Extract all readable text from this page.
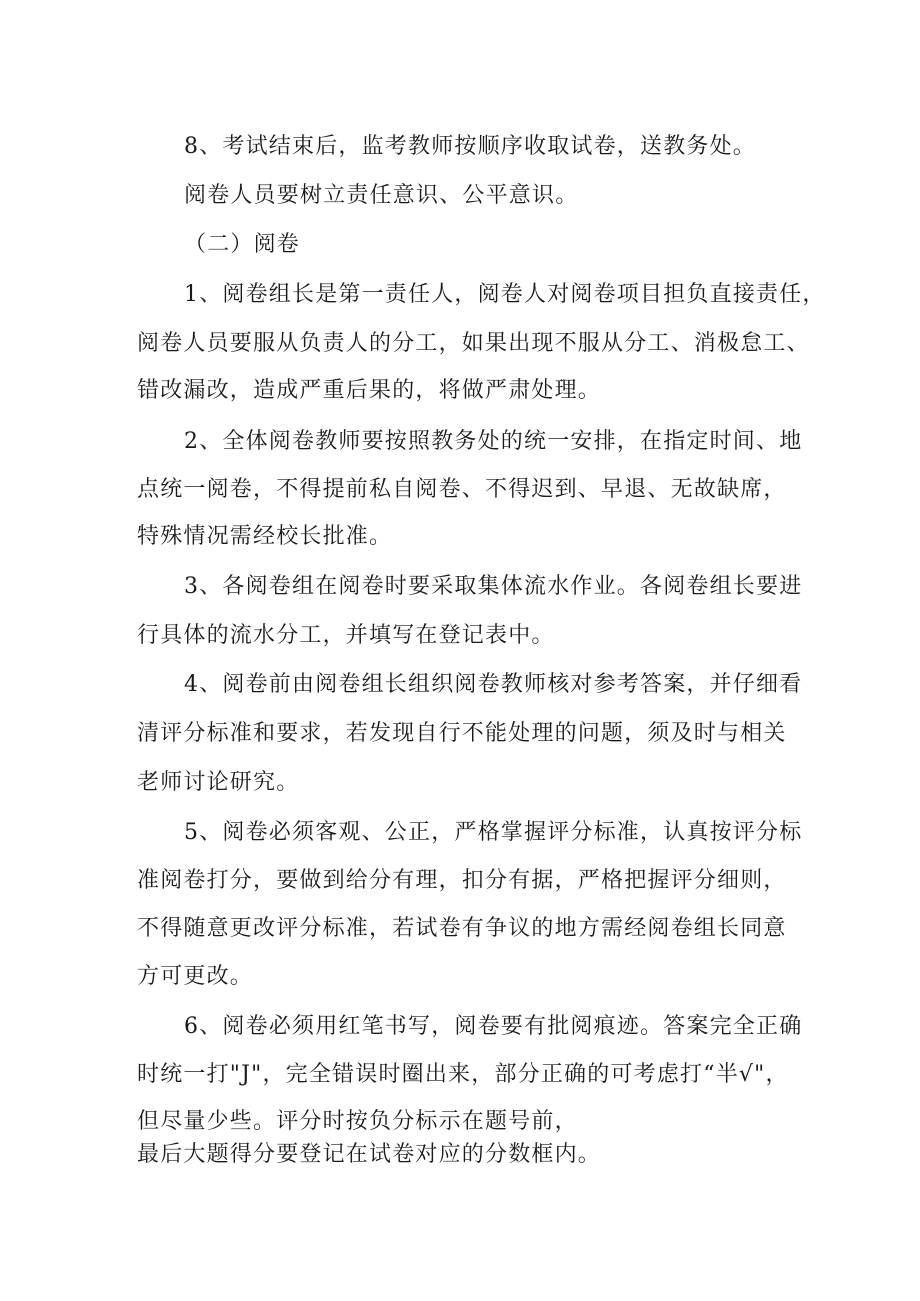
8、考试结束后，监考教师按顺序收取试卷，送教务处。
阅卷人员要树立责任意识、公平意识。
（二）阅卷
1、阅卷组长是第一责任人，阅卷人对阅卷项目担负直接责任，
阅卷人员要服从负责人的分工，如果出现不服从分工、消极怠工、
错改漏改，造成严重后果的，将做严肃处理。
2、全体阅卷教师要按照教务处的统一安排，在指定时间、地
点统一阅卷，不得提前私自阅卷、不得迟到、早退、无故缺席，
特殊情况需经校长批准。
3、各阅卷组在阅卷时要采取集体流水作业。各阅卷组长要进
行具体的流水分工，并填写在登记表中。
4、阅卷前由阅卷组长组织阅卷教师核对参考答案，并仔细看
清评分标准和要求，若发现自行不能处理的问题，须及时与相关
老师讨论研究。
5、阅卷必须客观、公正，严格掌握评分标准，认真按评分标
准阅卷打分，要做到给分有理，扣分有据，严格把握评分细则，
不得随意更改评分标准，若试卷有争议的地方需经阅卷组长同意
方可更改。
6、阅卷必须用红笔书写，阅卷要有批阅痕迹。答案完全正确
时统一打"J"，完全错误时圈出来，部分正确的可考虑打“半√"，
但尽量少些。评分时按负分标示在题号前，
最后大题得分要登记在试卷对应的分数框内。
